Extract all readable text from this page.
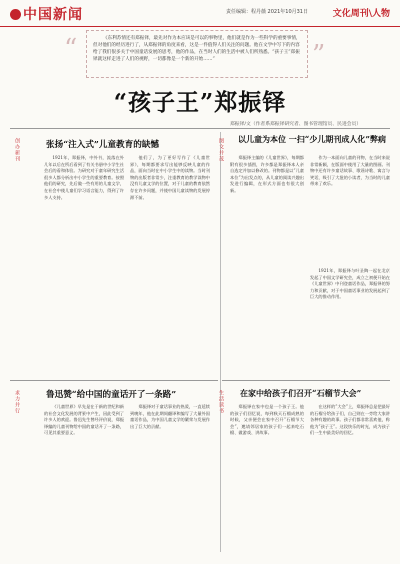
中国新闻	责任编辑：程丹薇 2021年10月31日	文化周刊\人物
“	《东利苏情还有郑振铎，最先对作为本应该是可以的事物里，他们就是作为一些科学的重要事情，但对他们的经历进行了，从郑振铎的角度来看，这是一件值得人们关注的问题。他在文学中写下的内容给了我们很多关于中国童话发展的思考，他的作品，在当时人们的生活中被人们所熟悉。“孩子王”郑振铎就这样走进了人们的视野，一切都像是一个新的开始……”	”
“孩子王”郑振铎
郑振铎/文（作者系郑振铎研究者、图书管理馆员、民进会员）
创办新刊	张扬“注入式”儿童教育的缺憾
1921年，郑振铎，中外书，流落在外几年以后在所后看到了有关书册中小学生社会后的看和体验。为研究对于童年研究生活很多人都分析出中小学生的重要教育。按照他们的研究，先后做一些有用的儿童文学，在社会中使儿童们学习语言能力，得到了许多人支持。
他们了，为了更好写作了《儿童世界》，每期都要求写出能够反映儿童的作品，面向当时在中小学生中的读物。当时刊物的出版者非常少，注重教育的教学读物中没有儿童文学的位置，对于儿童的教育依然存在许多问题，并使中国儿童读物的发展停滞不前。
图文并茂 以儿童为本位 一扫“少儿期刊成人化”弊病
郑振铎主编的《儿童世界》，每期都附有很多插图，许多都是郑振铎本人亲自选定并加以修改的。刊物都是以“儿童本位”为出发点的，从儿童的阅读兴趣出发进行编辑，在形式方面也有很大创新。
作为一本面向儿童的刊物，在当时来说非常新颖，在版面中使用了大量的图画。刊物中还有许多童话故事、歌谣诗歌、寓言与笑话，吸引了大批的小读者，为当时的儿童带来了欢乐。
1921年，郑振铎与叶圣陶一起在北京发起了中国文学研究会，成立之初便开始在《儿童世界》中刊登童话作品，郑振铎的努力和贡献，对于中国童话事业的发展起到了巨大的推动作用。
求力并行	鲁迅赞“给中国的童话开了一条路”
《儿童世界》早先是在于新的世纪和新的社会文化发展的背景中产生，因此受到了许多人的欢迎。鲁迅先生曾经评价说，郑振铎编的儿童刊物给中国的童话开了一条路，可见其重要意义。
郑振铎对于童话事业的热爱，一直延续到晚年，他在此期间翻译和编写了大量外国童话作品，为中国儿童文学的繁荣与发展作出了巨大的贡献。
生活读书 在家中给孩子们召开“石榴节大会”
郑振铎在家中也是一个孩子王。他的孩子们回忆说，每到秋天石榴成熟的时候，父亲便会在家中召开“石榴节大会”，邀请邻居家的孩子们一起来吃石榴、做游戏、讲故事。
在这样的“大会”上，郑振铎总是把最好的石榴分给孩子们，自己则在一旁给大家讲各种有趣的故事。孩子们都非常喜欢他，称他为“孩子王”。这段快乐的时光，成为孩子们一生中最美好的回忆。
